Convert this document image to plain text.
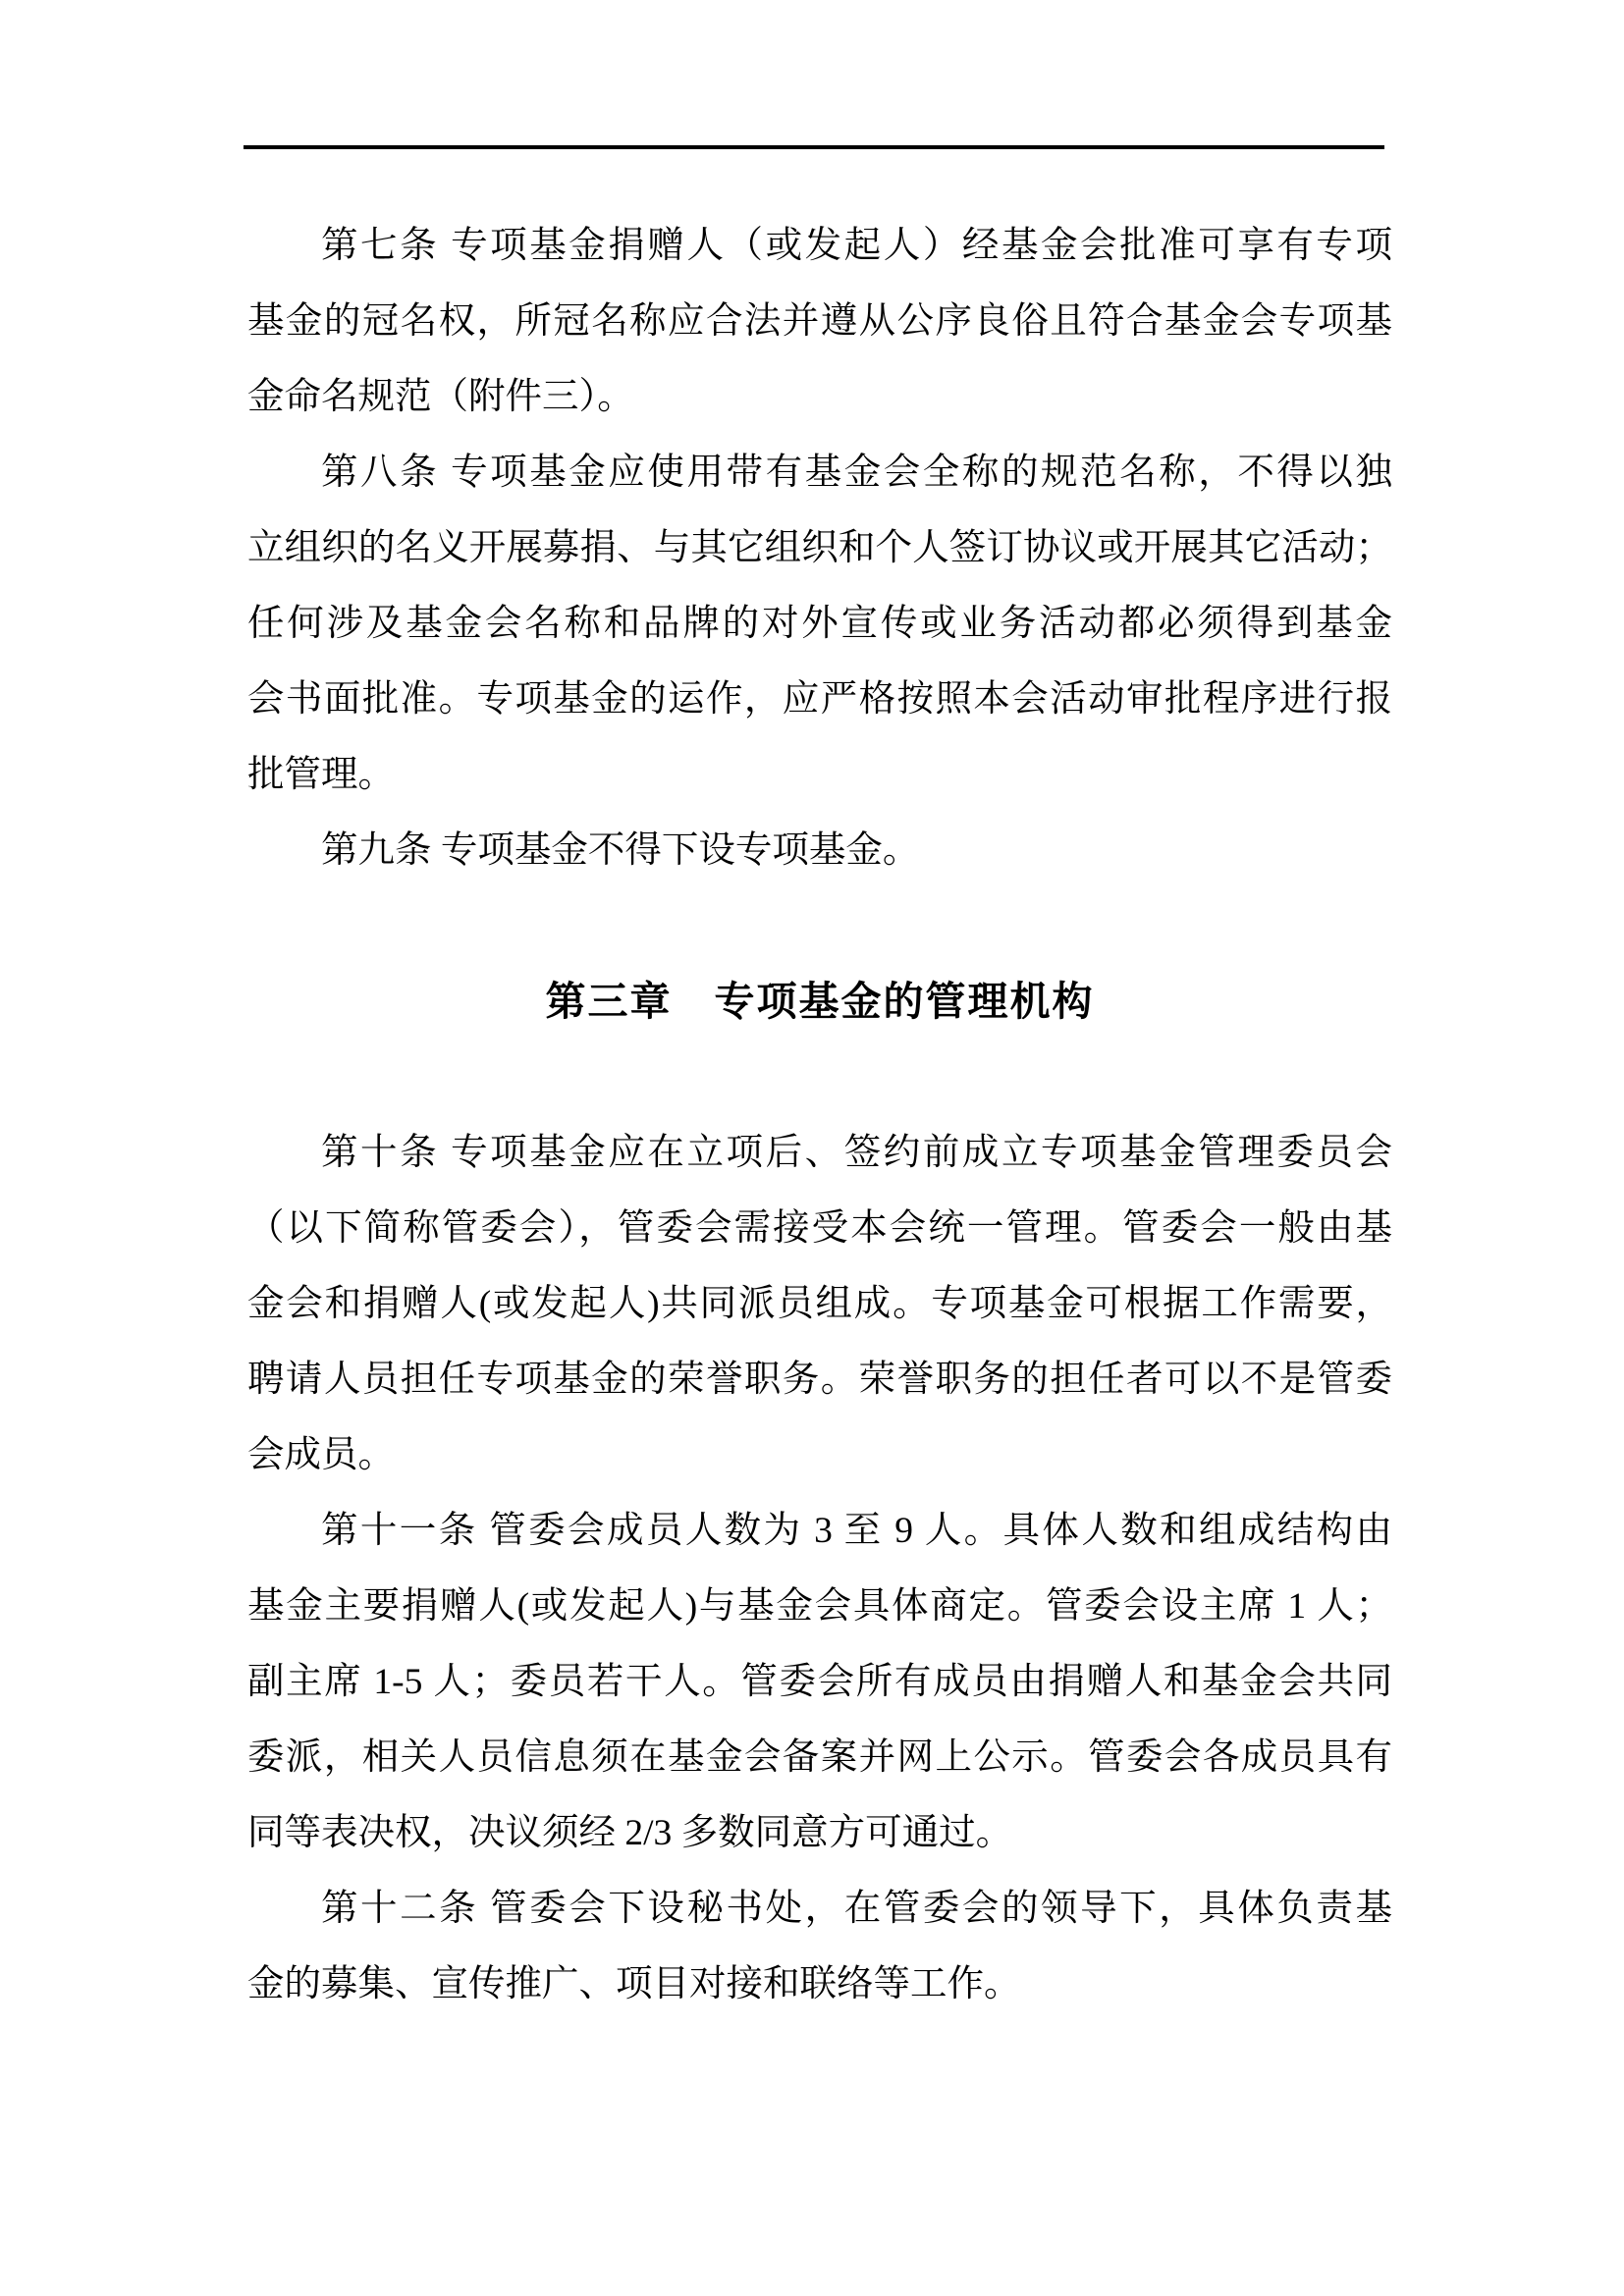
第七条 专项基金捐赠人（或发起人）经基金会批准可享有专项
基金的冠名权，所冠名称应合法并遵从公序良俗且符合基金会专项基
金命名规范（附件三）。
第八条 专项基金应使用带有基金会全称的规范名称，不得以独
立组织的名义开展募捐、与其它组织和个人签订协议或开展其它活动；
任何涉及基金会名称和品牌的对外宣传或业务活动都必须得到基金
会书面批准。专项基金的运作，应严格按照本会活动审批程序进行报
批管理。
第九条 专项基金不得下设专项基金。
第三章　专项基金的管理机构
第十条 专项基金应在立项后、签约前成立专项基金管理委员会
（以下简称管委会），管委会需接受本会统一管理。管委会一般由基
金会和捐赠人(或发起人)共同派员组成。专项基金可根据工作需要，
聘请人员担任专项基金的荣誉职务。荣誉职务的担任者可以不是管委
会成员。
第十一条 管委会成员人数为 3 至 9 人。具体人数和组成结构由
基金主要捐赠人(或发起人)与基金会具体商定。管委会设主席 1 人；
副主席 1-5 人；委员若干人。管委会所有成员由捐赠人和基金会共同
委派，相关人员信息须在基金会备案并网上公示。管委会各成员具有
同等表决权，决议须经 2/3 多数同意方可通过。
第十二条 管委会下设秘书处，在管委会的领导下，具体负责基
金的募集、宣传推广、项目对接和联络等工作。
